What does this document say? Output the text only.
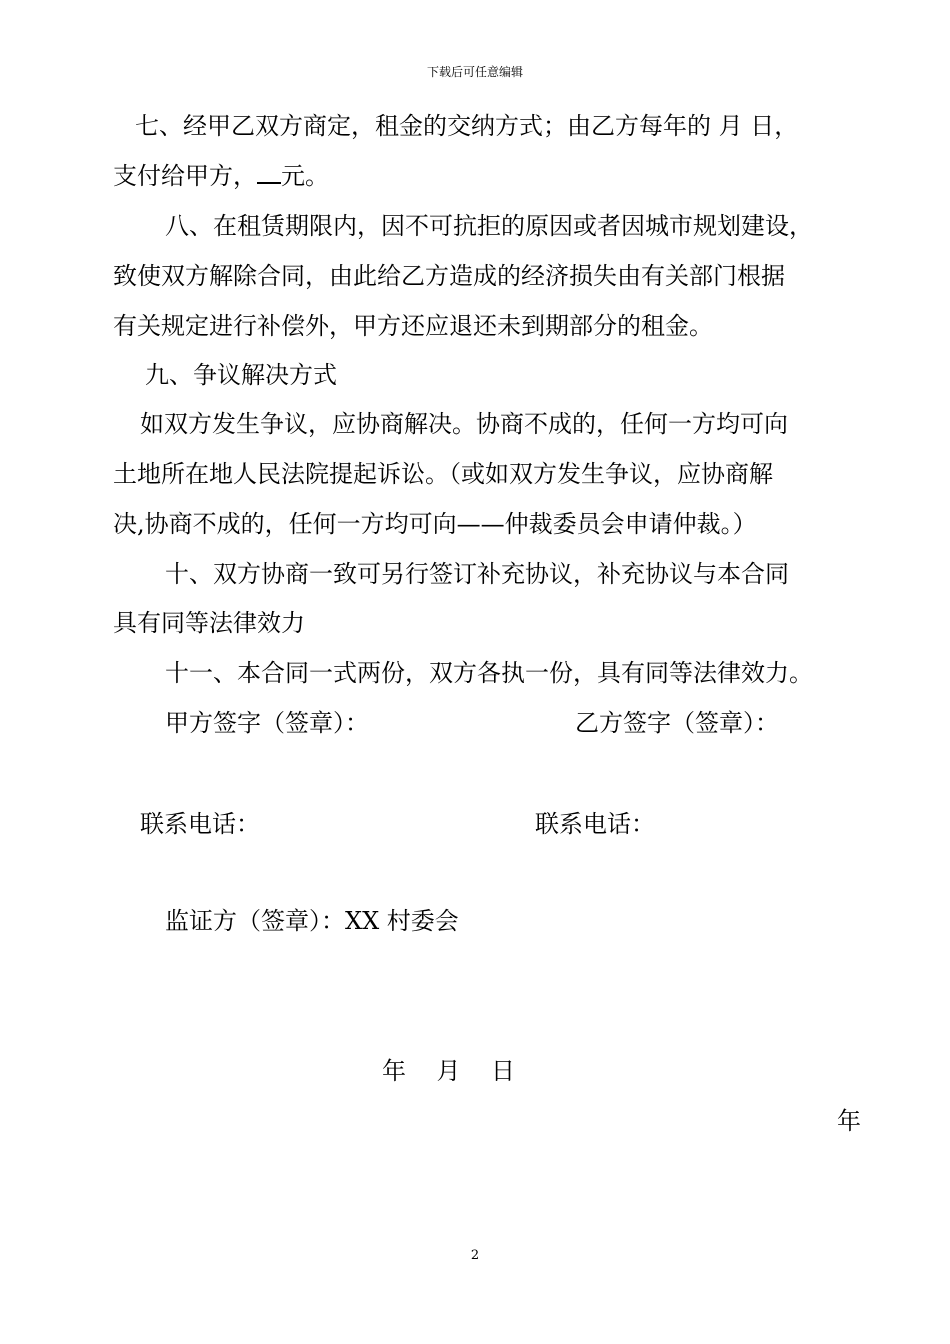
下载后可任意编辑
七、经甲乙双方商定，租金的交纳方式；由乙方每年的 月 日，
支付给甲方， 元。
八、在租赁期限内，因不可抗拒的原因或者因城市规划建设，
致使双方解除合同，由此给乙方造成的经济损失由有关部门根据
有关规定进行补偿外，甲方还应退还未到期部分的租金。
九、争议解决方式
如双方发生争议，应协商解决。协商不成的，任何一方均可向
土地所在地人民法院提起诉讼。（或如双方发生争议，应协商解
决,协商不成的，任何一方均可向——仲裁委员会申请仲裁。）
十、双方协商一致可另行签订补充协议，补充协议与本合同
具有同等法律效力
十一、本合同一式两份，双方各执一份，具有同等法律效力。
甲方签字（签章）：	乙方签字（签章）：
联系电话：	联系电话：
监证方（签章）：XX 村委会
年    月    日
年
2
